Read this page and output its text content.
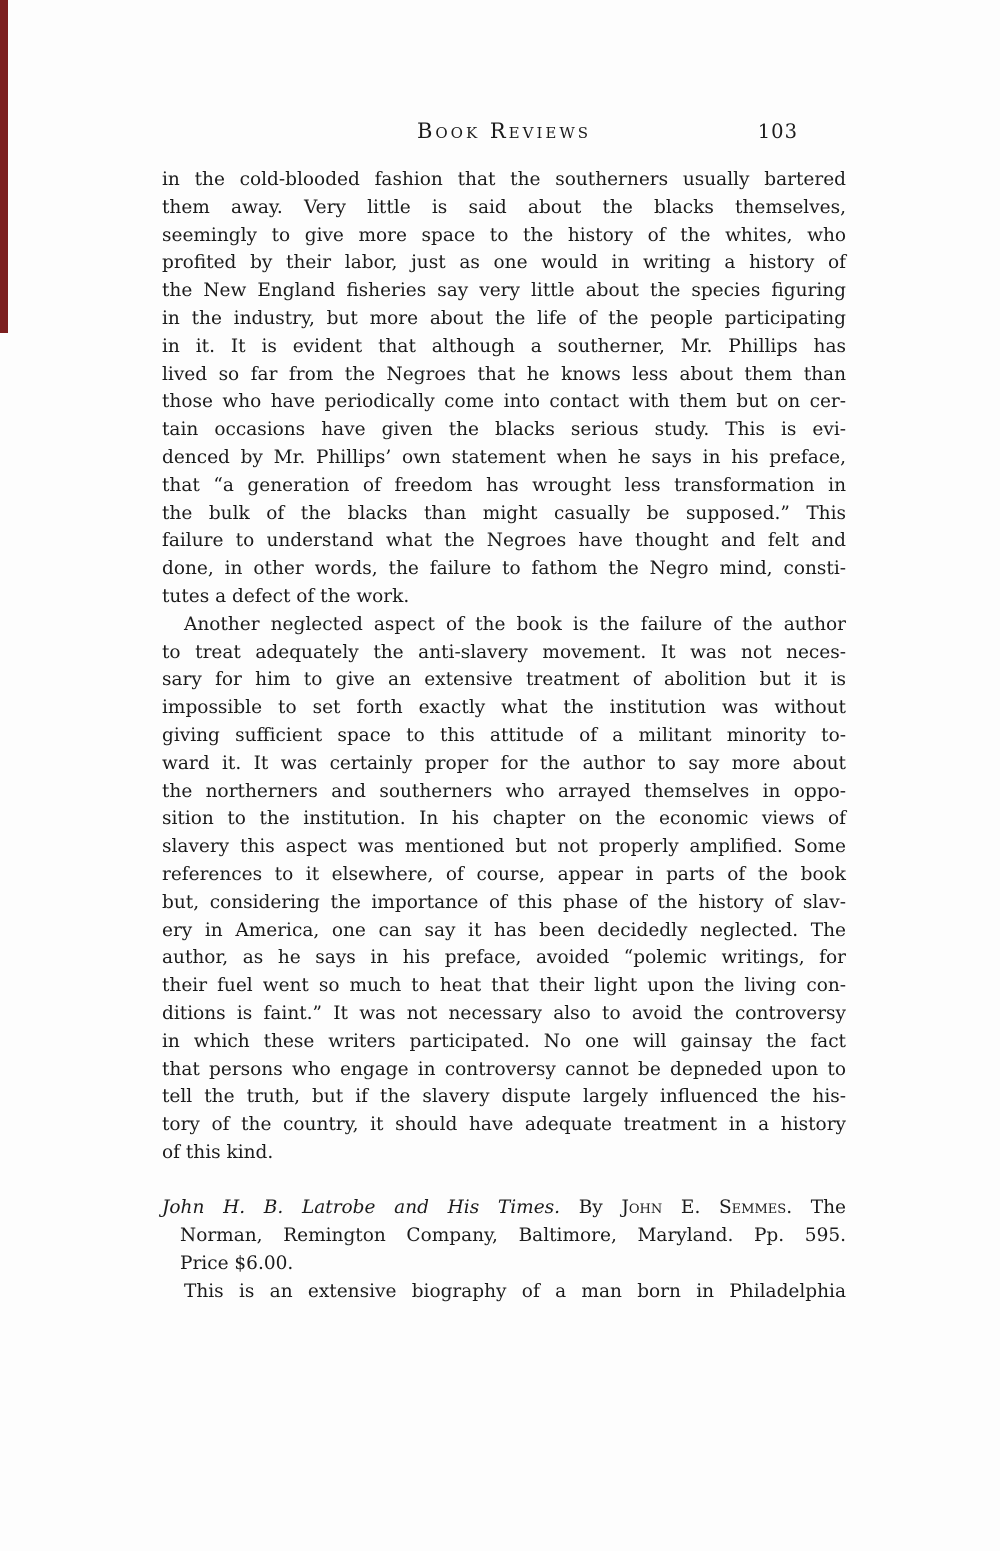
Book Reviews	103
in the cold-blooded fashion that the southerners usually bartered
them away. Very little is said about the blacks themselves,
seemingly to give more space to the history of the whites, who
profited by their labor, just as one would in writing a history of
the New England fisheries say very little about the species figuring
in the industry, but more about the life of the people participating
in it. It is evident that although a southerner, Mr. Phillips has
lived so far from the Negroes that he knows less about them than
those who have periodically come into contact with them but on cer-
tain occasions have given the blacks serious study. This is evi-
denced by Mr. Phillips’ own statement when he says in his preface,
that “a generation of freedom has wrought less transformation in
the bulk of the blacks than might casually be supposed.” This
failure to understand what the Negroes have thought and felt and
done, in other words, the failure to fathom the Negro mind, consti-
tutes a defect of the work.
Another neglected aspect of the book is the failure of the author
to treat adequately the anti-slavery movement. It was not neces-
sary for him to give an extensive treatment of abolition but it is
impossible to set forth exactly what the institution was without
giving sufficient space to this attitude of a militant minority to-
ward it. It was certainly proper for the author to say more about
the northerners and southerners who arrayed themselves in oppo-
sition to the institution. In his chapter on the economic views of
slavery this aspect was mentioned but not properly amplified. Some
references to it elsewhere, of course, appear in parts of the book
but, considering the importance of this phase of the history of slav-
ery in America, one can say it has been decidedly neglected. The
author, as he says in his preface, avoided “polemic writings, for
their fuel went so much to heat that their light upon the living con-
ditions is faint.” It was not necessary also to avoid the controversy
in which these writers participated. No one will gainsay the fact
that persons who engage in controversy cannot be depneded upon to
tell the truth, but if the slavery dispute largely influenced the his-
tory of the country, it should have adequate treatment in a history
of this kind.
John H. B. Latrobe and His Times. By John E. Semmes. The
Norman, Remington Company, Baltimore, Maryland. Pp. 595.
Price $6.00.
This is an extensive biography of a man born in Philadelphia
